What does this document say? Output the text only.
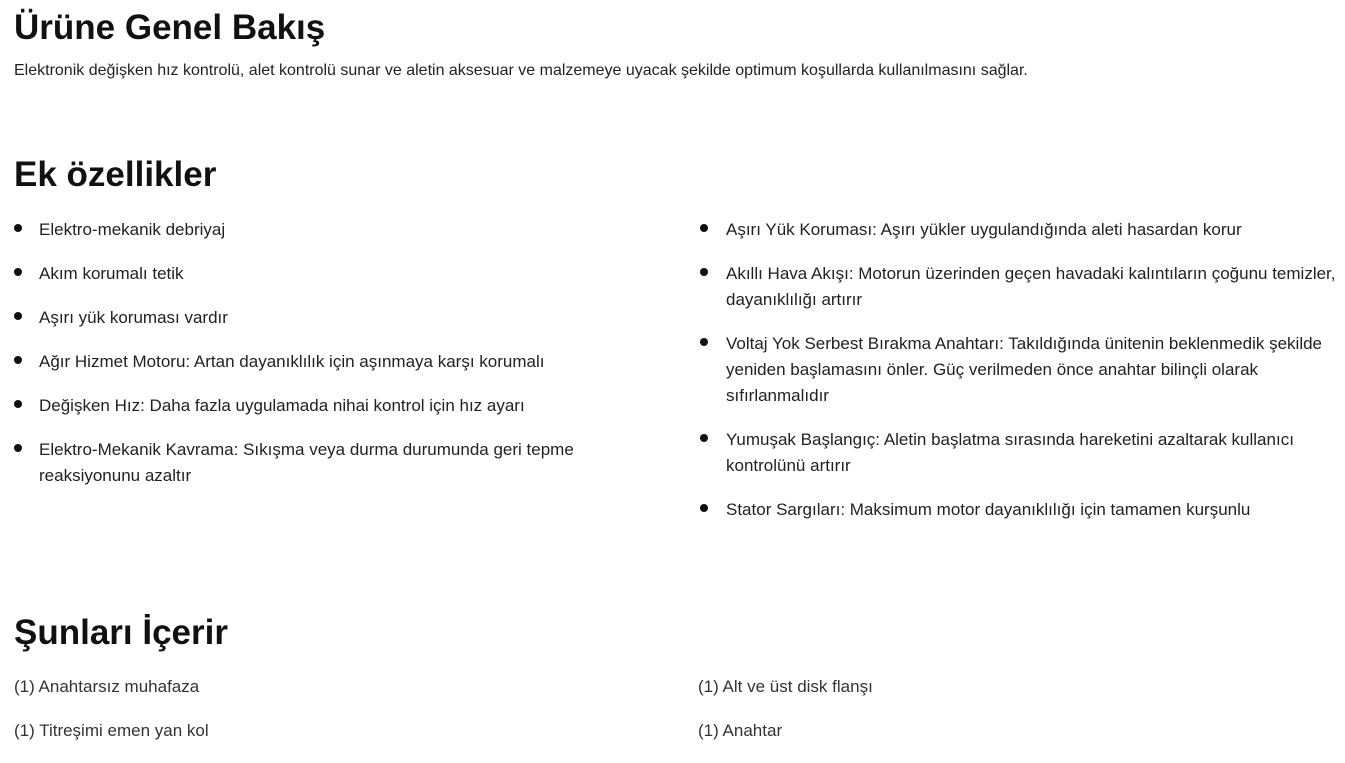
Ürüne Genel Bakış

Elektronik değişken hız kontrolü, alet kontrolü sunar ve aletin aksesuar ve malzemeye uyacak şekilde optimum koşullarda kullanılmasını sağlar.

Ek özellikler
Elektro-mekanik debriyaj
Akım korumalı tetik
Aşırı yük koruması vardır
Ağır Hizmet Motoru: Artan dayanıklılık için aşınmaya karşı korumalı
Değişken Hız: Daha fazla uygulamada nihai kontrol için hız ayarı
Elektro-Mekanik Kavrama: Sıkışma veya durma durumunda geri tepme reaksiyonunu azaltır
Aşırı Yük Koruması: Aşırı yükler uygulandığında aleti hasardan korur
Akıllı Hava Akışı: Motorun üzerinden geçen havadaki kalıntıların çoğunu temizler, dayanıklılığı artırır
Voltaj Yok Serbest Bırakma Anahtarı: Takıldığında ünitenin beklenmedik şekilde yeniden başlamasını önler. Güç verilmeden önce anahtar bilinçli olarak sıfırlanmalıdır
Yumuşak Başlangıç: Aletin başlatma sırasında hareketini azaltarak kullanıcı kontrolünü artırır
Stator Sargıları: Maksimum motor dayanıklılığı için tamamen kurşunlu
Şunları İçerir
(1) Anahtarsız muhafaza
(1) Titreşimi emen yan kol
(1) Alt ve üst disk flanşı
(1) Anahtar
